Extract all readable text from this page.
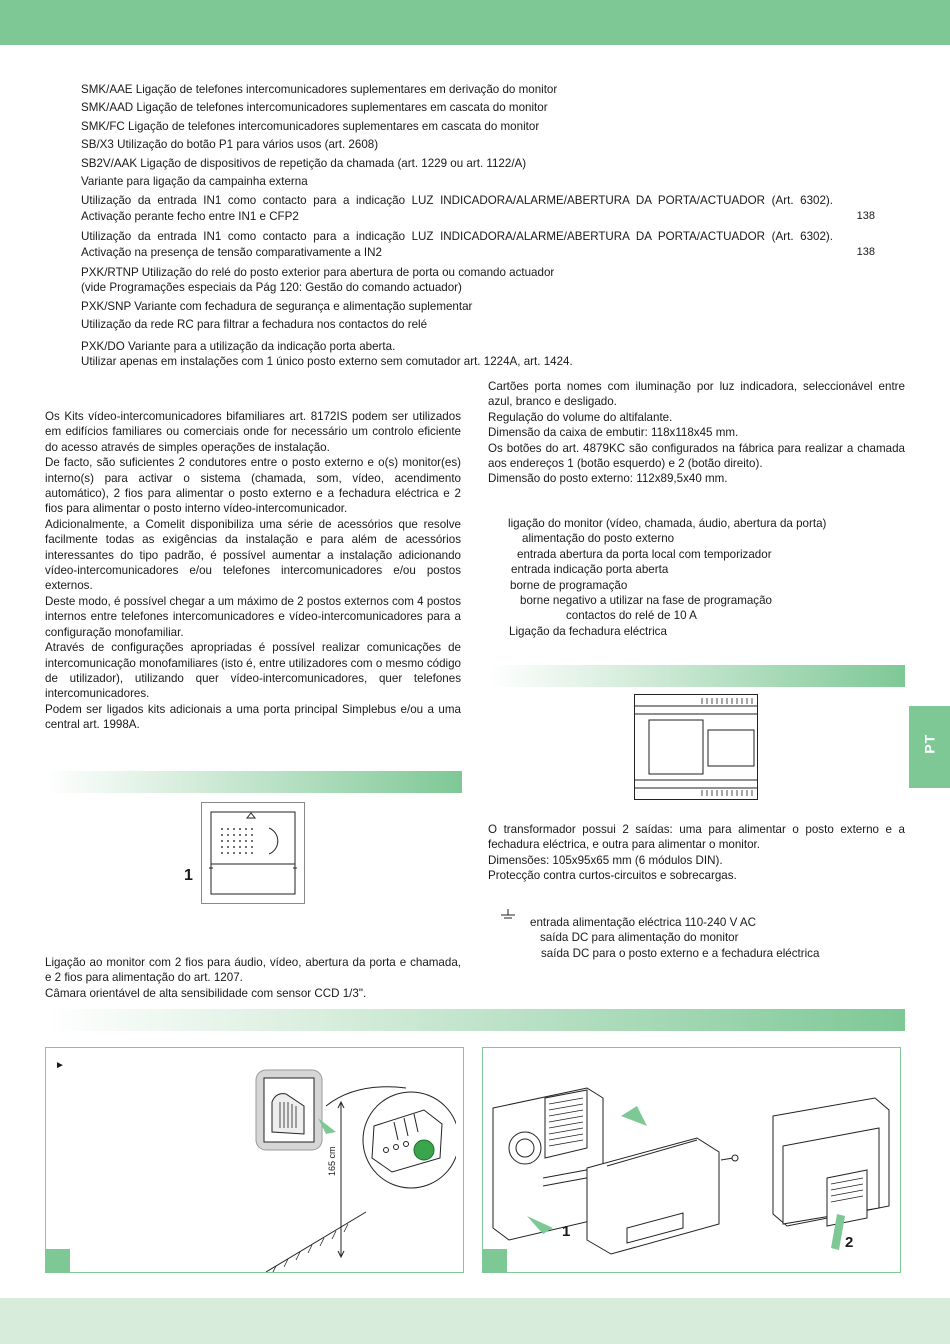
SMK/AAE Ligação de telefones intercomunicadores suplementares em derivação do monitor
SMK/AAD Ligação de telefones intercomunicadores suplementares em cascata do monitor
SMK/FC Ligação de telefones intercomunicadores suplementares em cascata do monitor
SB/X3 Utilização do botão P1 para vários usos (art. 2608)
SB2V/AAK Ligação de dispositivos de repetição da chamada (art. 1229 ou art. 1122/A)
Variante para ligação da campainha externa
Utilização da entrada IN1 como contacto para a indicação LUZ INDICADORA/ALARME/ABERTURA DA PORTA/ACTUADOR (Art. 6302). Activação perante fecho entre IN1 e CFP2	138
Utilização da entrada IN1 como contacto para a indicação LUZ INDICADORA/ALARME/ABERTURA DA PORTA/ACTUADOR (Art. 6302). Activação na presença de tensão comparativamente a IN2	138
PXK/RTNP Utilização do relé do posto exterior para abertura de porta ou comando actuador
(vide Programações especiais da Pág 120: Gestão do comando actuador)
PXK/SNP Variante com fechadura de segurança e alimentação suplementar
Utilização da rede RC para filtrar a fechadura nos contactos do relé
PXK/DO Variante para a utilização da indicação porta aberta.
Utilizar apenas em instalações com 1 único posto externo sem comutador art. 1224A, art. 1424.
Os Kits vídeo-intercomunicadores bifamiliares art. 8172IS podem ser utilizados em edifícios familiares ou comerciais onde for necessário um controlo eficiente do acesso através de simples operações de instalação.
De facto, são suficientes 2 condutores entre o posto externo e o(s) monitor(es) interno(s) para activar o sistema (chamada, som, vídeo, acendimento automático), 2 fios para alimentar o posto externo e a fechadura eléctrica e 2 fios para alimentar o posto interno vídeo-intercomunicador.
Adicionalmente, a Comelit disponibiliza uma série de acessórios que resolve facilmente todas as exigências da instalação e para além de acessórios interessantes do tipo padrão, é possível aumentar a instalação adicionando vídeo-intercomunicadores e/ou telefones intercomunicadores e/ou postos externos.
Deste modo, é possível chegar a um máximo de 2 postos externos com 4 postos internos entre telefones intercomunicadores e vídeo-intercomunicadores para a configuração monofamiliar.
Através de configurações apropriadas é possível realizar comunicações de intercomunicação monofamiliares (isto é, entre utilizadores com o mesmo código de utilizador), utilizando quer vídeo-intercomunicadores, quer telefones intercomunicadores.
Podem ser ligados kits adicionais a uma porta principal Simplebus e/ou a uma central art. 1998A.
Cartões porta nomes com iluminação por luz indicadora, seleccionável entre azul, branco e desligado.
Regulação do volume do altifalante.
Dimensão da caixa de embutir: 118x118x45 mm.
Os botões do art. 4879KC são configurados na fábrica para realizar a chamada aos endereços 1 (botão esquerdo) e 2 (botão direito).
Dimensão do posto externo: 112x89,5x40 mm.
ligação do monitor (vídeo, chamada, áudio, abertura da porta)
alimentação do posto externo
entrada abertura da porta local com temporizador
entrada indicação porta aberta
borne de programação
borne negativo a utilizar na fase de programação
contactos do relé de 10 A
Ligação da fechadura eléctrica
PT
O transformador possui 2 saídas: uma para alimentar o posto externo e a fechadura eléctrica, e outra para alimentar o monitor.
Dimensões: 105x95x65 mm (6 módulos DIN).
Protecção contra curtos-circuitos e sobrecargas.
entrada alimentação eléctrica 110-240 V AC
saída DC para alimentação do monitor
saída DC para o posto externo e a fechadura eléctrica
1
Ligação ao monitor com 2 fios para áudio, vídeo, abertura da porta e chamada, e 2 fios para alimentação do art. 1207.
Câmara orientável de alta sensibilidade com sensor CCD 1/3".
►
165 cm
1
2
